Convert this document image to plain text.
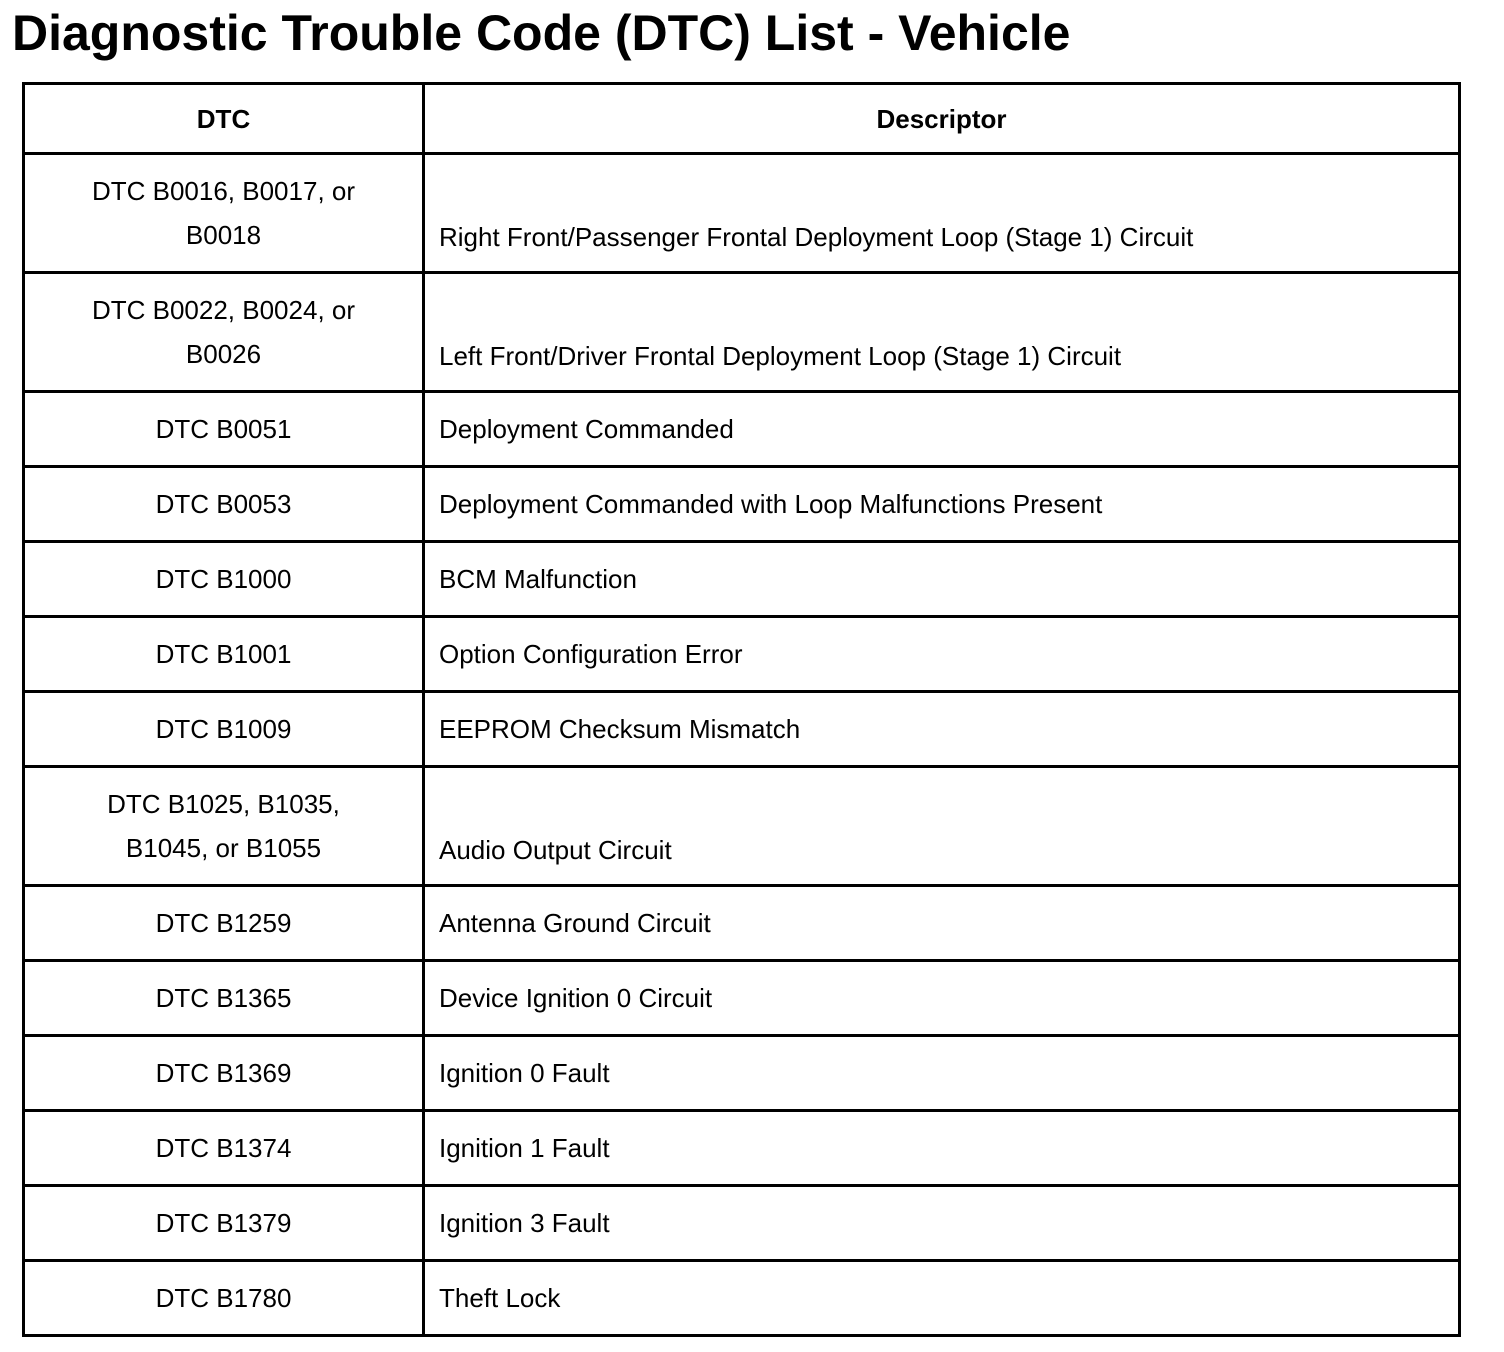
Diagnostic Trouble Code (DTC) List - Vehicle
DTC	Descriptor
DTC B0016, B0017, or B0018	Right Front/Passenger Frontal Deployment Loop (Stage 1) Circuit
DTC B0022, B0024, or B0026	Left Front/Driver Frontal Deployment Loop (Stage 1) Circuit
DTC B0051	Deployment Commanded
DTC B0053	Deployment Commanded with Loop Malfunctions Present
DTC B1000	BCM Malfunction
DTC B1001	Option Configuration Error
DTC B1009	EEPROM Checksum Mismatch
DTC B1025, B1035, B1045, or B1055	Audio Output Circuit
DTC B1259	Antenna Ground Circuit
DTC B1365	Device Ignition 0 Circuit
DTC B1369	Ignition 0 Fault
DTC B1374	Ignition 1 Fault
DTC B1379	Ignition 3 Fault
DTC B1780	Theft Lock
